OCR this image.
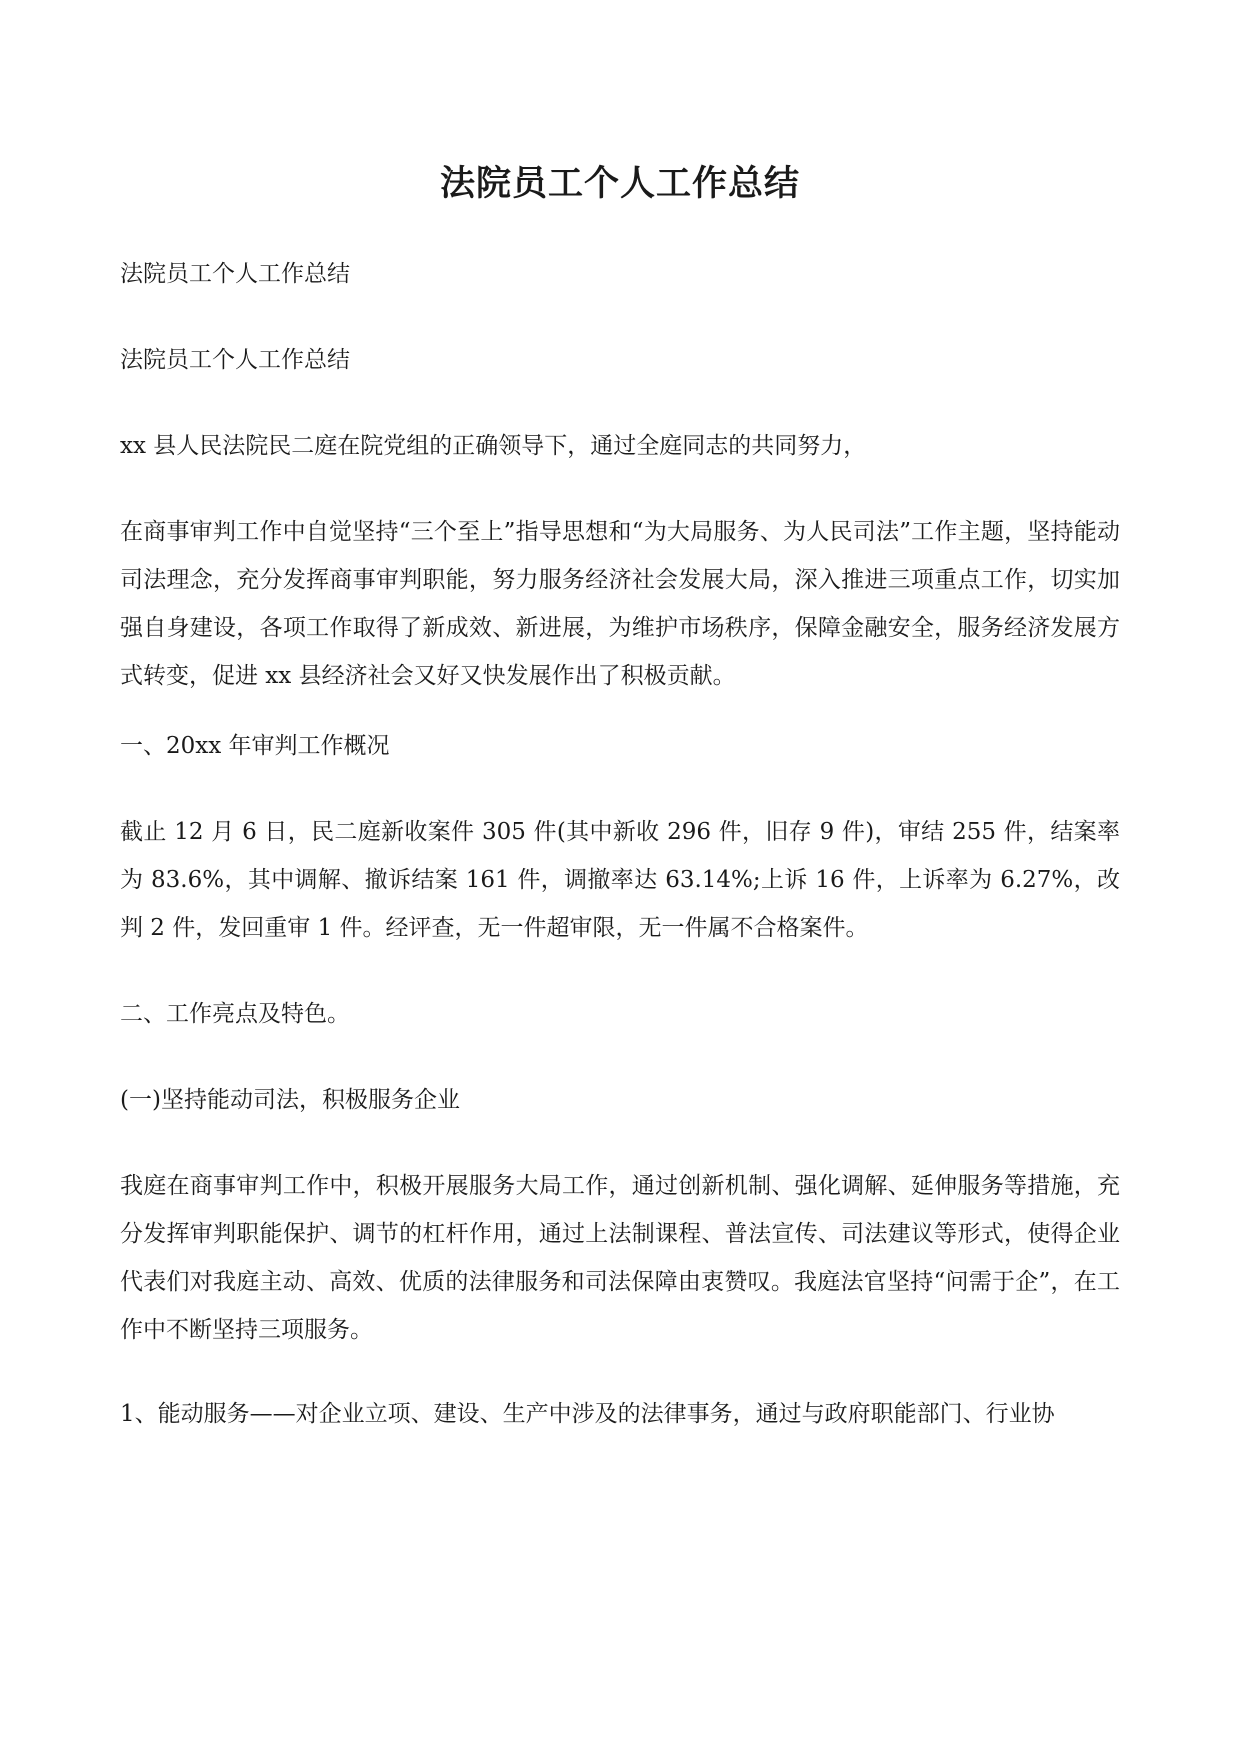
法院员工个人工作总结

法院员工个人工作总结

法院员工个人工作总结

xx 县人民法院民二庭在院党组的正确领导下，通过全庭同志的共同努力，

在商事审判工作中自觉坚持“三个至上”指导思想和“为大局服务、为人民司法”工作主题，坚持能动司法理念，充分发挥商事审判职能，努力服务经济社会发展大局，深入推进三项重点工作，切实加强自身建设，各项工作取得了新成效、新进展，为维护市场秩序，保障金融安全，服务经济发展方式转变，促进 xx 县经济社会又好又快发展作出了积极贡献。

一、20xx 年审判工作概况

截止 12 月 6 日，民二庭新收案件 305 件(其中新收 296 件，旧存 9 件)，审结 255 件，结案率为 83.6%，其中调解、撤诉结案 161 件，调撤率达 63.14%;上诉 16 件，上诉率为 6.27%，改判 2 件，发回重审 1 件。经评查，无一件超审限，无一件属不合格案件。

二、工作亮点及特色。

(一)坚持能动司法，积极服务企业

我庭在商事审判工作中，积极开展服务大局工作，通过创新机制、强化调解、延伸服务等措施，充分发挥审判职能保护、调节的杠杆作用，通过上法制课程、普法宣传、司法建议等形式，使得企业代表们对我庭主动、高效、优质的法律服务和司法保障由衷赞叹。我庭法官坚持“问需于企”，在工作中不断坚持三项服务。

1、能动服务——对企业立项、建设、生产中涉及的法律事务，通过与政府职能部门、行业协
